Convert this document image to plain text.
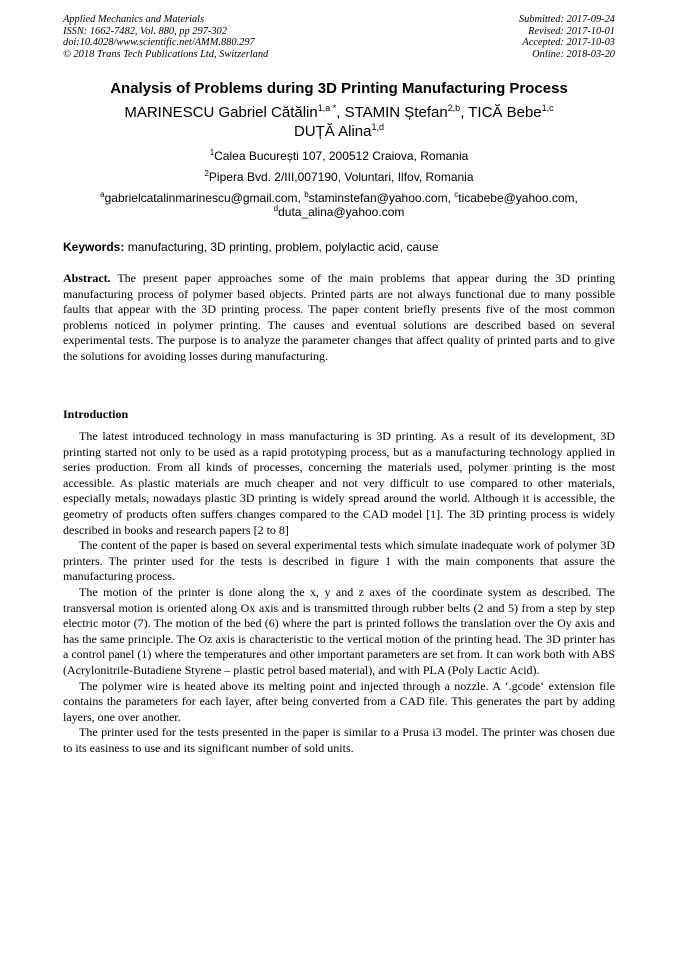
Applied Mechanics and Materials
ISSN: 1662-7482, Vol. 880, pp 297-302
doi:10.4028/www.scientific.net/AMM.880.297
© 2018 Trans Tech Publications Ltd, Switzerland
Submitted: 2017-09-24
Revised: 2017-10-01
Accepted: 2017-10-03
Online: 2018-03-20
Analysis of Problems during 3D Printing Manufacturing Process
MARINESCU Gabriel Cătălin$^{1,a *}$, STAMIN Ștefan$^{2,b}$, TICĂ Bebe$^{1,c}$
DUȚĂ Alina$^{1,d}$
$^1$Calea București 107, 200512 Craiova, Romania
$^2$Pipera Bvd. 2/III,007190, Voluntari, Ilfov, Romania
$^a$gabrielcatalinmarinescu@gmail.com, $^b$staminstefan@yahoo.com, $^c$ticabebe@yahoo.com,
$^d$duta_alina@yahoo.com
Keywords: manufacturing, 3D printing, problem, polylactic acid, cause

Abstract. The present paper approaches some of the main problems that appear during the 3D printing manufacturing process of polymer based objects. Printed parts are not always functional due to many possible faults that appear with the 3D printing process. The paper content briefly presents five of the most common problems noticed in polymer printing. The causes and eventual solutions are described based on several experimental tests. The purpose is to analyze the parameter changes that affect quality of printed parts and to give the solutions for avoiding losses during manufacturing.

Introduction

The latest introduced technology in mass manufacturing is 3D printing. As a result of its development, 3D printing started not only to be used as a rapid prototyping process, but as a manufacturing technology applied in series production. From all kinds of processes, concerning the materials used, polymer printing is the most accessible. As plastic materials are much cheaper and not very difficult to use compared to other materials, especially metals, nowadays plastic 3D printing is widely spread around the world. Although it is accessible, the geometry of products often suffers changes compared to the CAD model [1]. The 3D printing process is widely described in books and research papers [2 to 8]

The content of the paper is based on several experimental tests which simulate inadequate work of polymer 3D printers. The printer used for the tests is described in figure 1 with the main components that assure the manufacturing process.

The motion of the printer is done along the x, y and z axes of the coordinate system as described. The transversal motion is oriented along Ox axis and is transmitted through rubber belts (2 and 5) from a step by step electric motor (7). The motion of the bed (6) where the part is printed follows the translation over the Oy axis and has the same principle. The Oz axis is characteristic to the vertical motion of the printing head. The 3D printer has a control panel (1) where the temperatures and other important parameters are set from. It can work both with ABS (Acrylonitrile-Butadiene Styrene – plastic petrol based material), and with PLA (Poly Lactic Acid).

The polymer wire is heated above its melting point and injected through a nozzle. A ‘.gcode‘ extension file contains the parameters for each layer, after being converted from a CAD file. This generates the part by adding layers, one over another.

The printer used for the tests presented in the paper is similar to a Prusa i3 model. The printer was chosen due to its easiness to use and its significant number of sold units.
